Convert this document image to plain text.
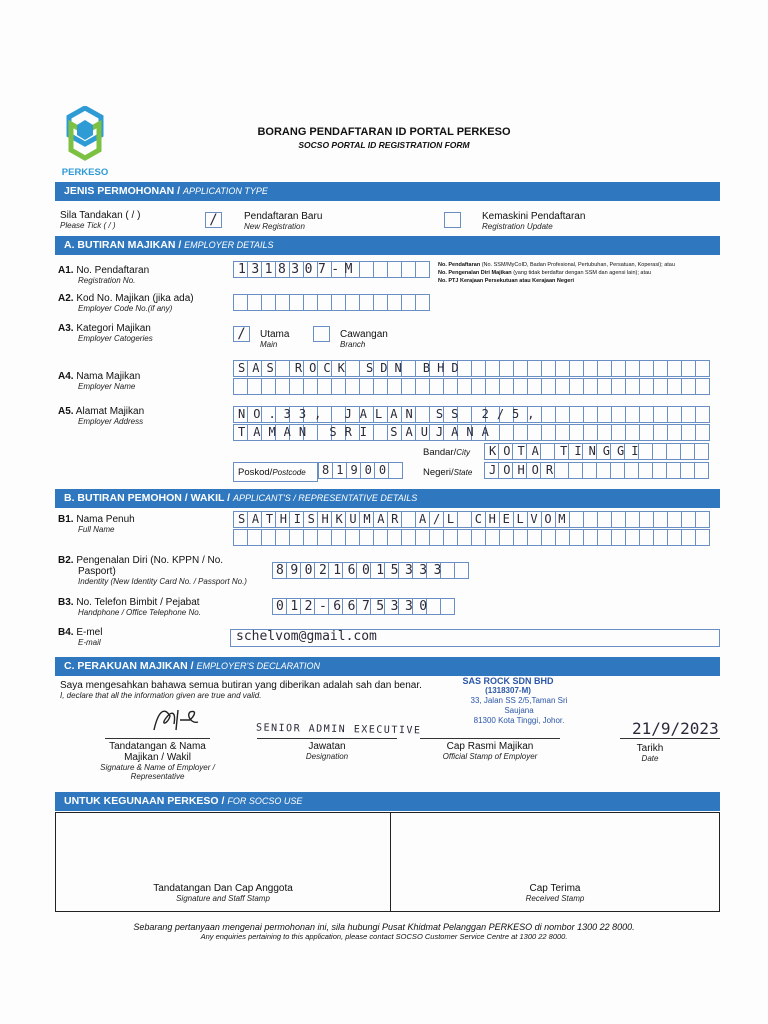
PERKESO
BORANG PENDAFTARAN ID PORTAL PERKESO
SOCSO PORTAL ID REGISTRATION FORM
JENIS PERMOHONAN / APPLICATION TYPE
Sila Tandakan ( / )
Please Tick ( / )	/	Pendaftaran Baru
New Registration
Kemaskini Pendaftaran
Registration Update
A. BUTIRAN MAJIKAN / EMPLOYER DETAILS
A1. No. Pendaftaran
Registration No.
1318307-M	No. Pendaftaran (No. SSM/MyCoID, Badan Profesional, Pertubuhan, Persatuan, Koperasi); atau
No. Pengenalan Diri Majikan (yang tidak berdaftar dengan SSM dan agensi lain); atau
No. PTJ Kerajaan Persekutuan atau Kerajaan Negeri
A2. Kod No. Majikan (jika ada)
Employer Code No.(if any)
A3. Kategori Majikan
Employer Catogeries	/	Utama
Main
Cawangan
Branch
A4. Nama Majikan
Employer Name
SAS ROCK SDN BHD
A5. Alamat Majikan
Employer Address
NO.33, JALAN SS 2/5,
TAMAN SRI SAUJANA
Bandar/City KOTA TINGGI
Poskod/Postcode 81900	Negeri/State JOHOR
B. BUTIRAN PEMOHON / WAKIL / APPLICANT'S / REPRESENTATIVE DETAILS
B1. Nama Penuh
Full Name
SATHISHKUMAR A/L CHELVOM
B2. Pengenalan Diri (No. KPPN / No.
Pasport)
Indentity (New Identity Card No. / Passport No.)
890216015333
B3. No. Telefon Bimbit / Pejabat
Handphone / Office Telephone No.	012-6675330
B4. E-mel
E-mail	schelvom@gmail.com
C. PERAKUAN MAJIKAN / EMPLOYER'S DECLARATION
Saya mengesahkan bahawa semua butiran yang diberikan adalah sah dan benar.
I, declare that all the information given are true and valid.
SAS ROCK SDN BHD
(1318307-M)
33, Jalan SS 2/5,Taman Sri Saujana
81300 Kota Tinggi, Johor.
SENIOR ADMIN EXECUTIVE	21/9/2023
Tandatangan & Nama
Majikan / Wakil
Signature & Name of Employer /
Representative
Jawatan
Designation
Cap Rasmi Majikan
Official Stamp of Employer
Tarikh
Date
UNTUK KEGUNAAN PERKESO / FOR SOCSO USE
Tandatangan Dan Cap Anggota
Signature and Staff Stamp
Cap Terima
Received Stamp
Sebarang pertanyaan mengenai permohonan ini, sila hubungi Pusat Khidmat Pelanggan PERKESO di nombor 1300 22 8000.
Any enquiries pertaining to this application, please contact SOCSO Customer Service Centre at 1300 22 8000.
